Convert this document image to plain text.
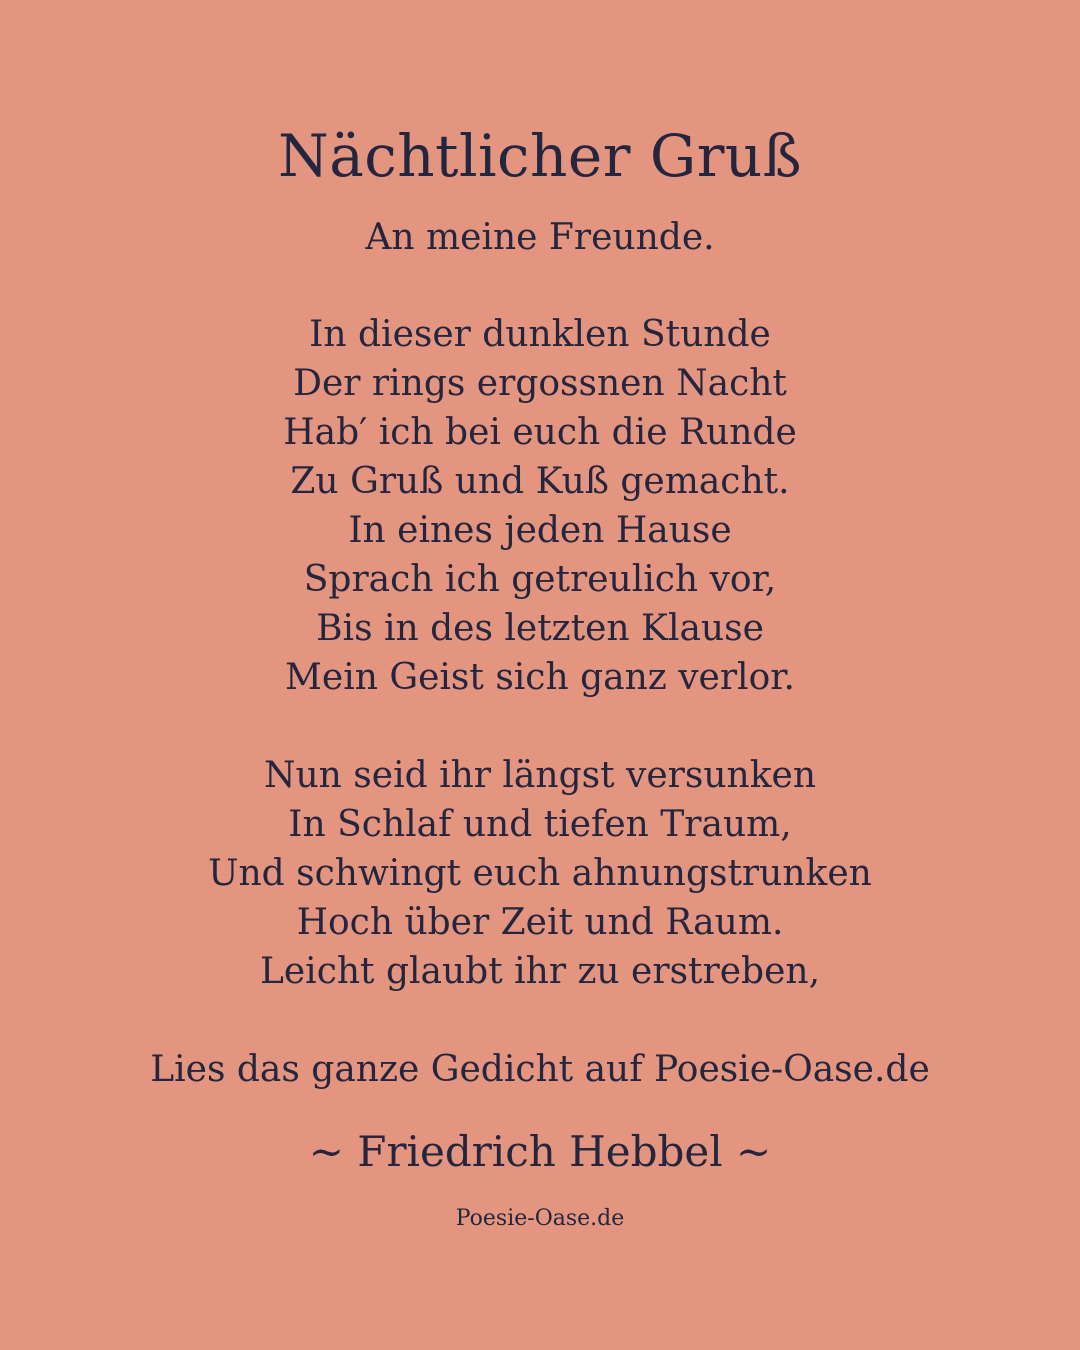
Nächtlicher Gruß
An meine Freunde.
In dieser dunklen Stunde
Der rings ergossnen Nacht
Hab′ ich bei euch die Runde
Zu Gruß und Kuß gemacht.
In eines jeden Hause
Sprach ich getreulich vor,
Bis in des letzten Klause
Mein Geist sich ganz verlor.
Nun seid ihr längst versunken
In Schlaf und tiefen Traum,
Und schwingt euch ahnungstrunken
Hoch über Zeit und Raum.
Leicht glaubt ihr zu erstreben,
Lies das ganze Gedicht auf Poesie-Oase.de
~ Friedrich Hebbel ~
Poesie-Oase.de
